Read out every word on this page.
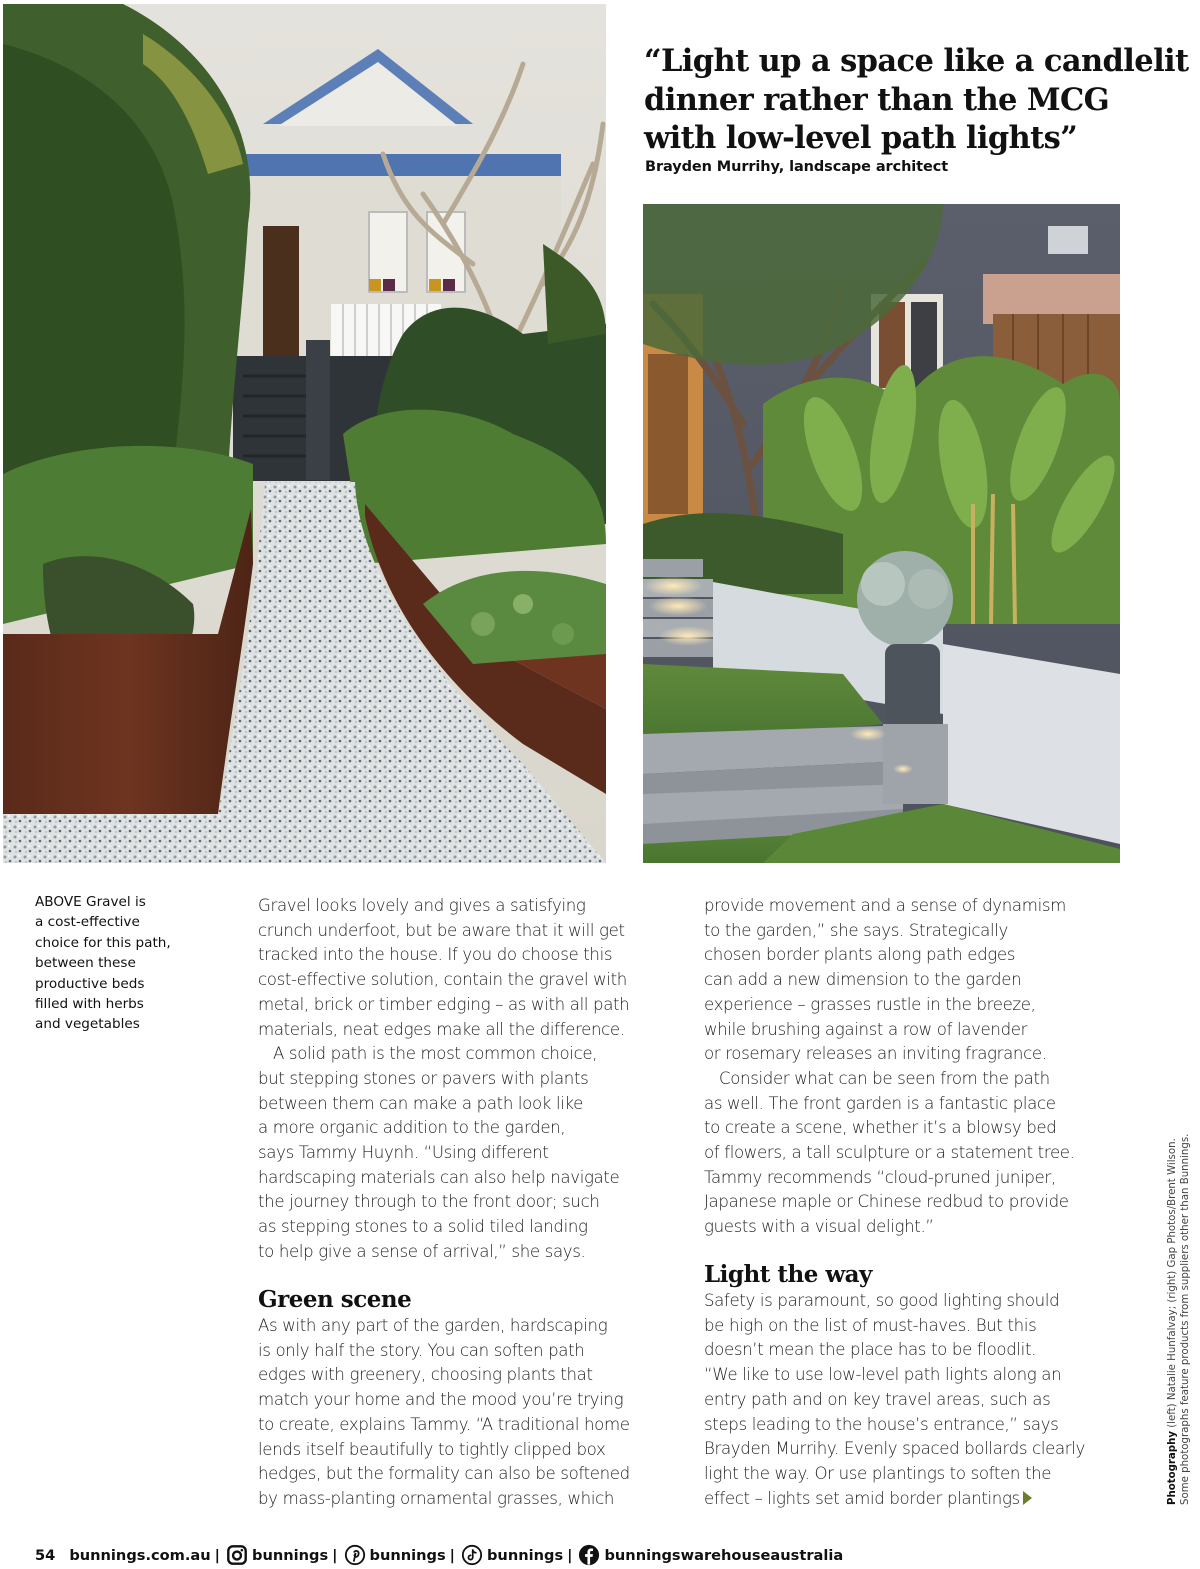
“Light up a space like a candlelit
dinner rather than the MCG
with low-level path lights”
Brayden Murrihy, landscape architect
ABOVE Gravel is
a cost-effective
choice for this path,
between these
productive beds
filled with herbs
and vegetables
Gravel looks lovely and gives a satisfying
crunch underfoot, but be aware that it will get
tracked into the house. If you do choose this
cost-effective solution, contain the gravel with
metal, brick or timber edging – as with all path
materials, neat edges make all the difference.
A solid path is the most common choice,
but stepping stones or pavers with plants
between them can make a path look like
a more organic addition to the garden,
says Tammy Huynh. “Using different
hardscaping materials can also help navigate
the journey through to the front door; such
as stepping stones to a solid tiled landing
to help give a sense of arrival,” she says.
Green scene
As with any part of the garden, hardscaping
is only half the story. You can soften path
edges with greenery, choosing plants that
match your home and the mood you’re trying
to create, explains Tammy. “A traditional home
lends itself beautifully to tightly clipped box
hedges, but the formality can also be softened
by mass-planting ornamental grasses, which
provide movement and a sense of dynamism
to the garden,” she says. Strategically
chosen border plants along path edges
can add a new dimension to the garden
experience – grasses rustle in the breeze,
while brushing against a row of lavender
or rosemary releases an inviting fragrance.
Consider what can be seen from the path
as well. The front garden is a fantastic place
to create a scene, whether it’s a blowsy bed
of flowers, a tall sculpture or a statement tree.
Tammy recommends “cloud-pruned juniper,
Japanese maple or Chinese redbud to provide
guests with a visual delight.”
Light the way
Safety is paramount, so good lighting should
be high on the list of must-haves. But this
doesn’t mean the place has to be floodlit.
“We like to use low-level path lights along an
entry path and on key travel areas, such as
steps leading to the house’s entrance,” says
Brayden Murrihy. Evenly spaced bollards clearly
light the way. Or use plantings to soften the
effect – lights set amid border plantings	Photography (left) Natalie Hunfalvay; (right) Gap Photos/Brent Wilson. Some photographs feature products from suppliers other than Bunnings.
54 bunnings.com.au | bunnings | bunnings | bunnings | bunningswarehouseaustralia
